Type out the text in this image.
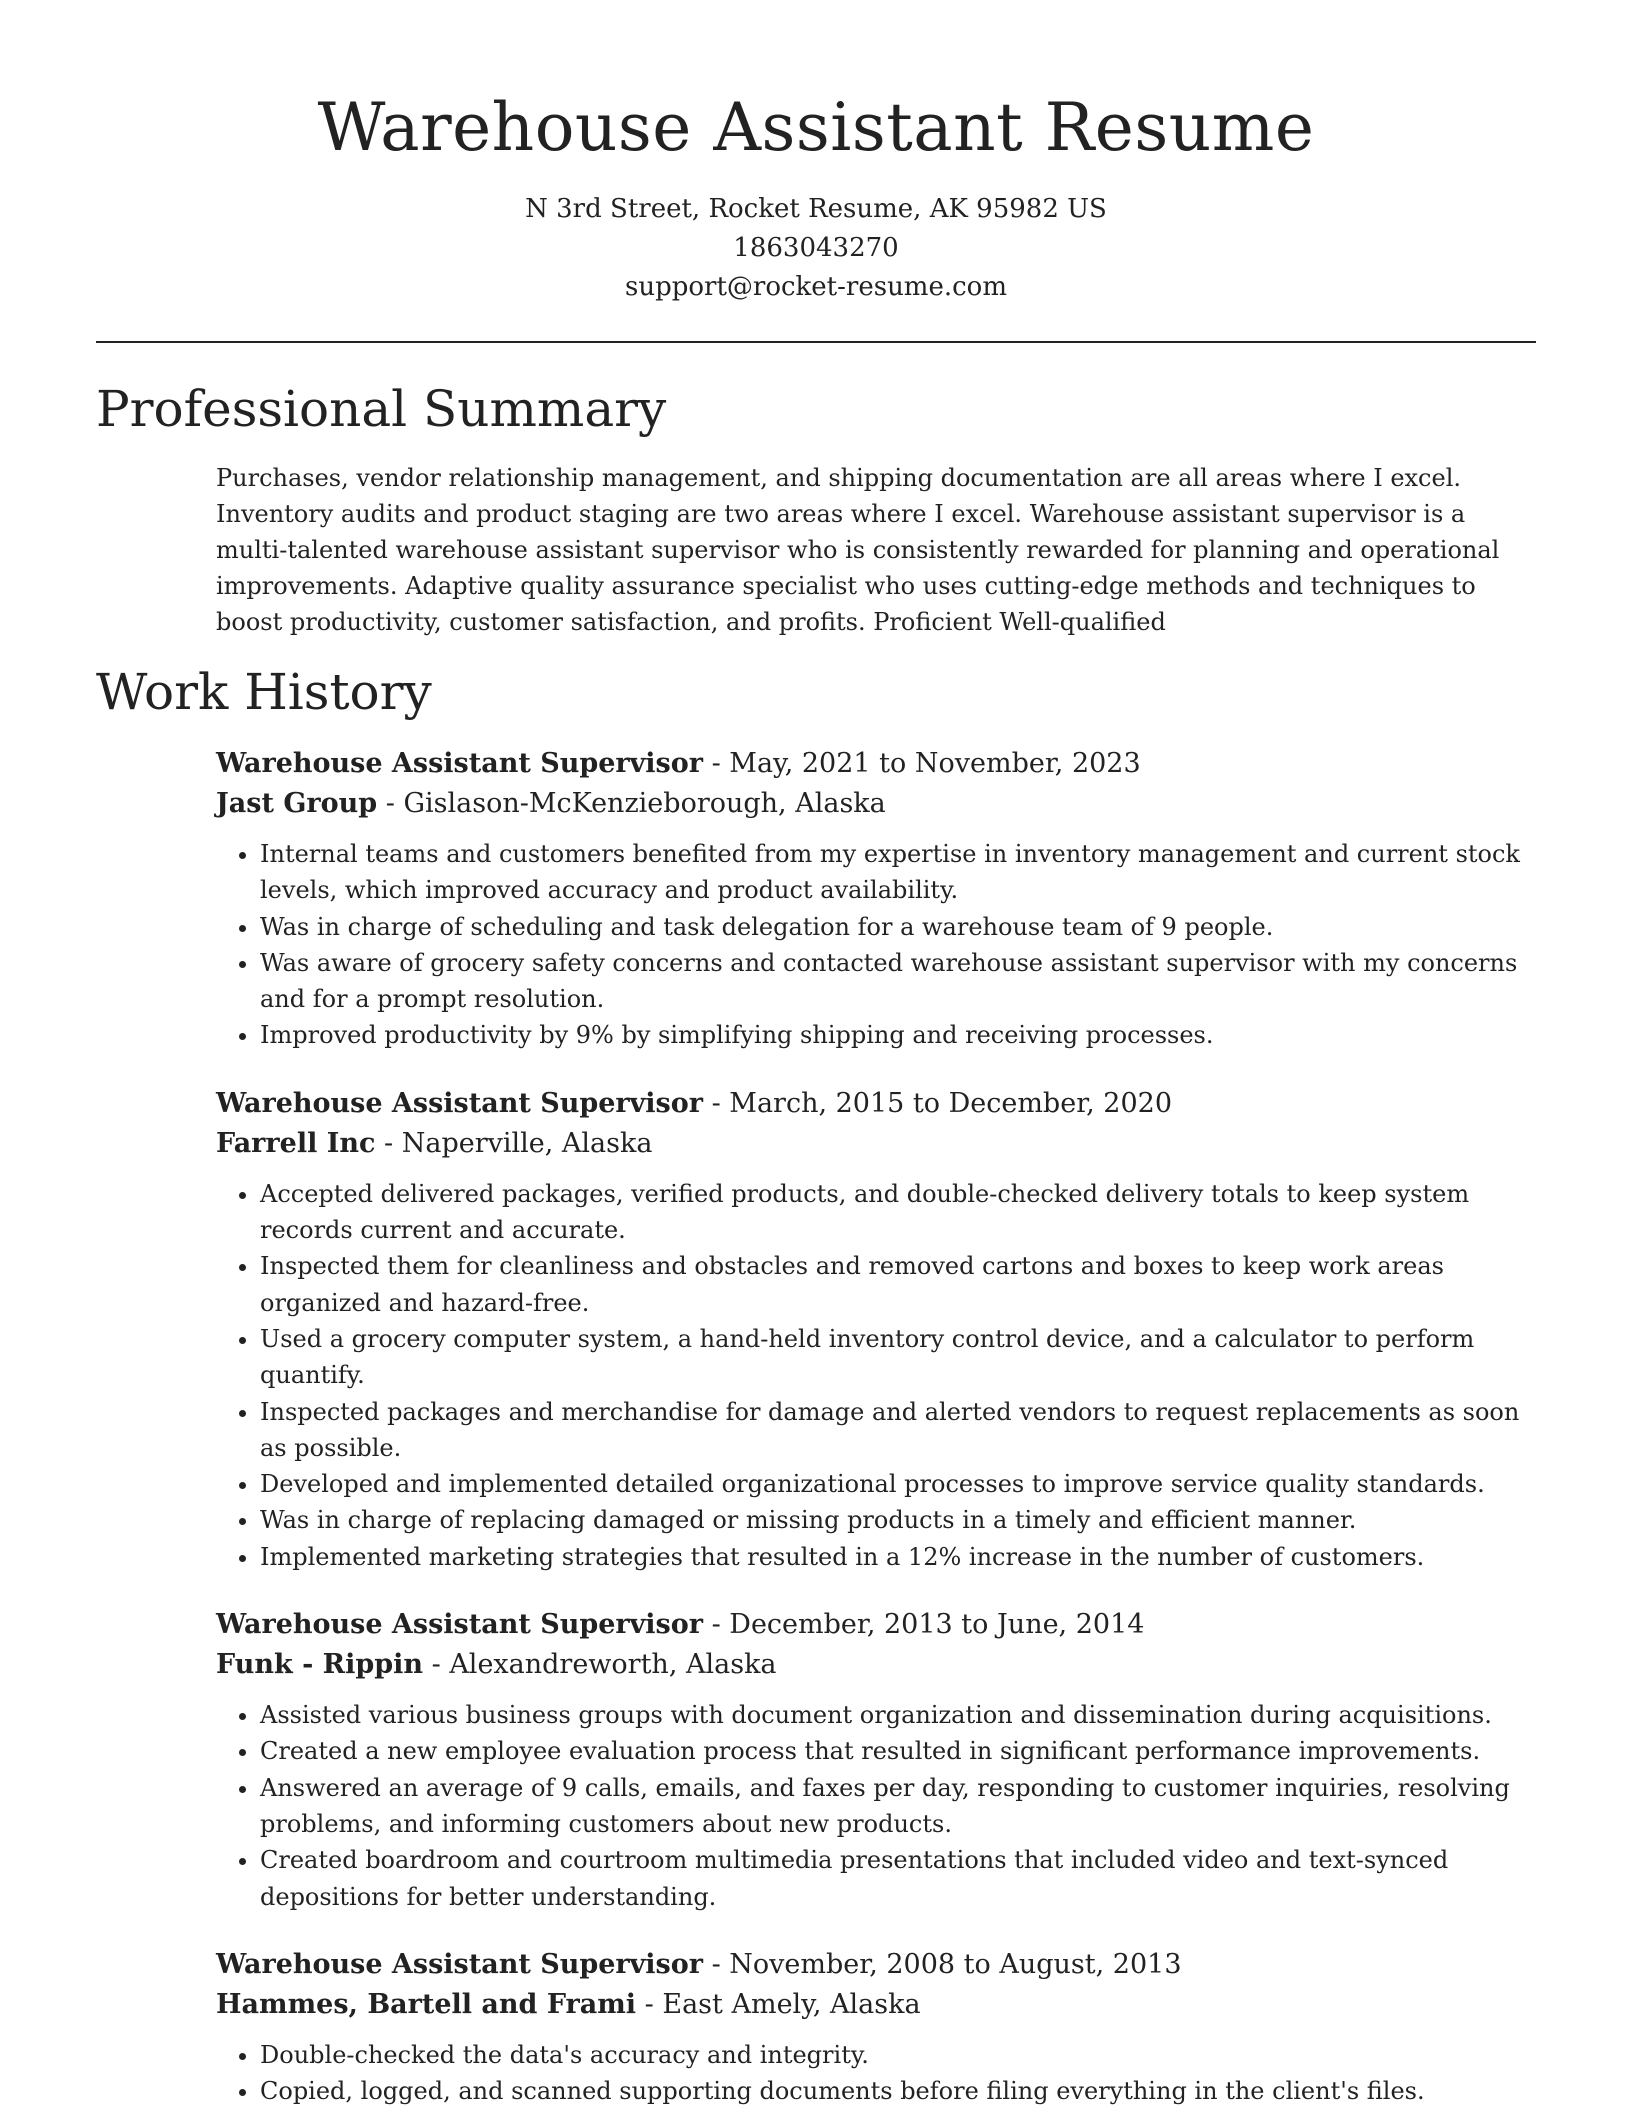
Warehouse Assistant Resume
N 3rd Street, Rocket Resume, AK 95982 US
1863043270
support@rocket-resume.com
Professional Summary

Purchases, vendor relationship management, and shipping documentation are all areas where I excel. Inventory audits and product staging are two areas where I excel. Warehouse assistant supervisor is a multi-talented warehouse assistant supervisor who is consistently rewarded for planning and operational improvements. Adaptive quality assurance specialist who uses cutting-edge methods and techniques to boost productivity, customer satisfaction, and profits. Proficient Well-qualified

Work History
Warehouse Assistant Supervisor - May, 2021 to November, 2023
Jast Group - Gislason-McKenzieborough, Alaska
• Internal teams and customers benefited from my expertise in inventory management and current stock levels, which improved accuracy and product availability.
• Was in charge of scheduling and task delegation for a warehouse team of 9 people.
• Was aware of grocery safety concerns and contacted warehouse assistant supervisor with my concerns and for a prompt resolution.
• Improved productivity by 9% by simplifying shipping and receiving processes.
Warehouse Assistant Supervisor - March, 2015 to December, 2020
Farrell Inc - Naperville, Alaska
• Accepted delivered packages, verified products, and double-checked delivery totals to keep system records current and accurate.
• Inspected them for cleanliness and obstacles and removed cartons and boxes to keep work areas organized and hazard-free.
• Used a grocery computer system, a hand-held inventory control device, and a calculator to perform quantify.
• Inspected packages and merchandise for damage and alerted vendors to request replacements as soon as possible.
• Developed and implemented detailed organizational processes to improve service quality standards.
• Was in charge of replacing damaged or missing products in a timely and efficient manner.
• Implemented marketing strategies that resulted in a 12% increase in the number of customers.
Warehouse Assistant Supervisor - December, 2013 to June, 2014
Funk - Rippin - Alexandreworth, Alaska
• Assisted various business groups with document organization and dissemination during acquisitions.
• Created a new employee evaluation process that resulted in significant performance improvements.
• Answered an average of 9 calls, emails, and faxes per day, responding to customer inquiries, resolving problems, and informing customers about new products.
• Created boardroom and courtroom multimedia presentations that included video and text-synced depositions for better understanding.
Warehouse Assistant Supervisor - November, 2008 to August, 2013
Hammes, Bartell and Frami - East Amely, Alaska
• Double-checked the data's accuracy and integrity.
• Copied, logged, and scanned supporting documents before filing everything in the client's files.
